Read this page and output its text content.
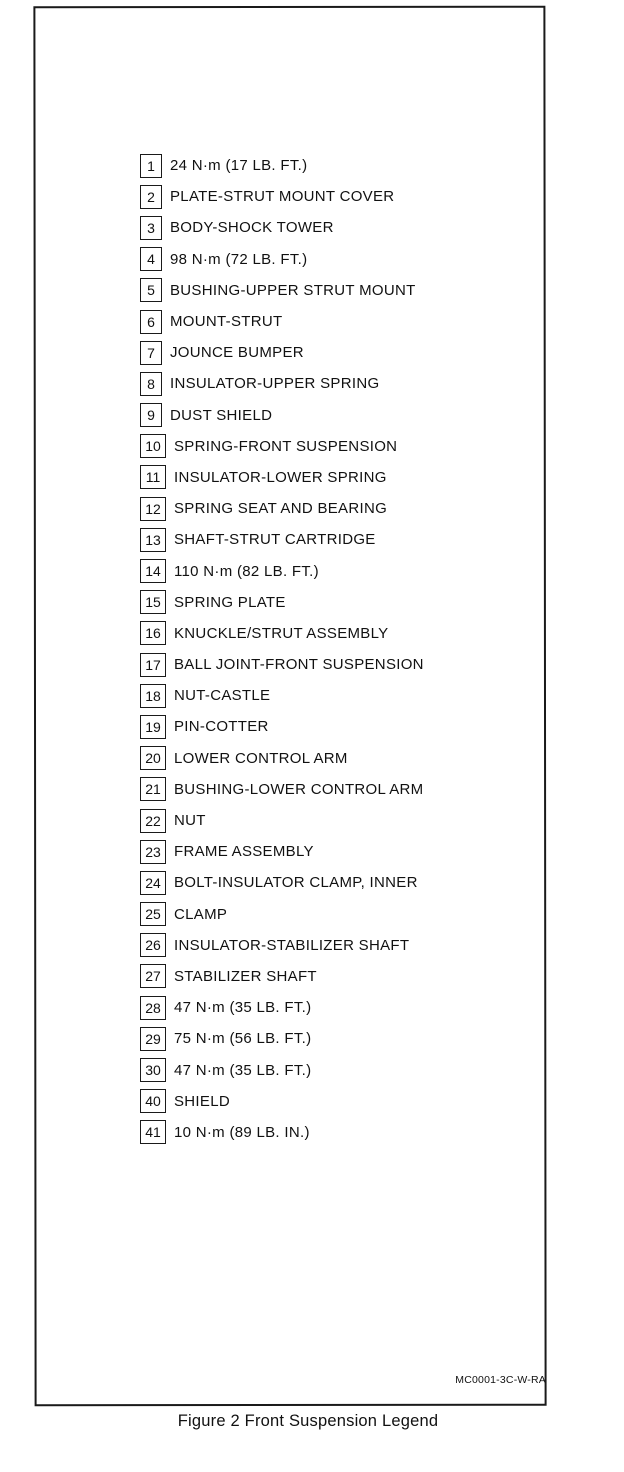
1	24 N·m (17 LB. FT.)
2	PLATE-STRUT MOUNT COVER
3	BODY-SHOCK TOWER
4	98 N·m (72 LB. FT.)
5	BUSHING-UPPER STRUT MOUNT
6	MOUNT-STRUT
7	JOUNCE BUMPER
8	INSULATOR-UPPER SPRING
9	DUST SHIELD
10 SPRING-FRONT SUSPENSION
11 INSULATOR-LOWER SPRING
12 SPRING SEAT AND BEARING
13 SHAFT-STRUT CARTRIDGE
14 110 N·m (82 LB. FT.)
15 SPRING PLATE
16 KNUCKLE/STRUT ASSEMBLY
17 BALL JOINT-FRONT SUSPENSION
18 NUT-CASTLE
19 PIN-COTTER
20 LOWER CONTROL ARM
21 BUSHING-LOWER CONTROL ARM
22 NUT
23 FRAME ASSEMBLY
24 BOLT-INSULATOR CLAMP, INNER
25 CLAMP
26 INSULATOR-STABILIZER SHAFT
27 STABILIZER SHAFT
28 47 N·m (35 LB. FT.)
29 75 N·m (56 LB. FT.)
30 47 N·m (35 LB. FT.)
40 SHIELD
41 10 N·m (89 LB. IN.)
MC0001-3C-W-RA
Figure 2 Front Suspension Legend
